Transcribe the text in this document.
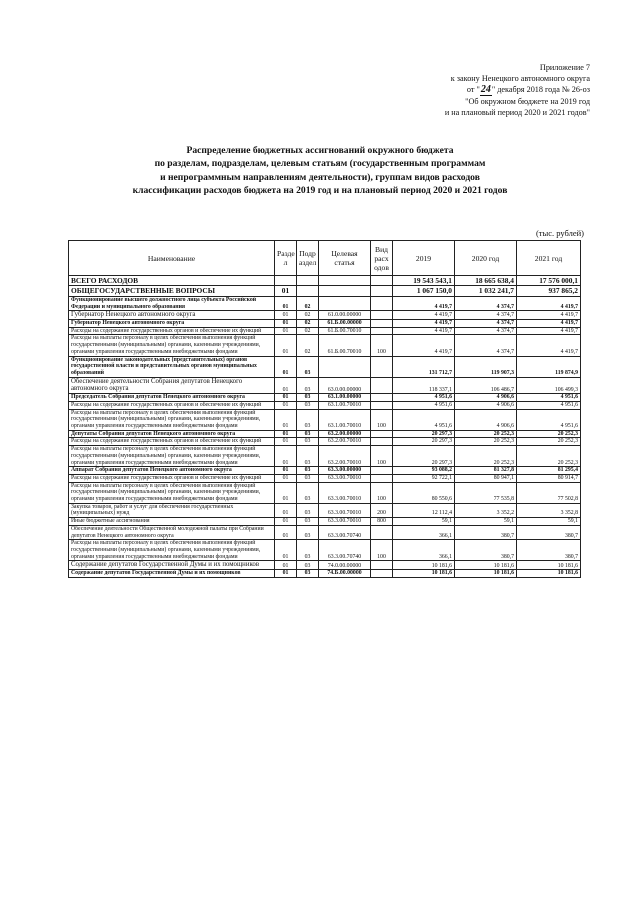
Приложение 7
к закону Ненецкого автономного округа
от "24" декабря 2018 года № 26-оз
"Об окружном бюджете на 2019 год
и на плановый период 2020 и 2021 годов"
Распределение бюджетных ассигнований окружного бюджета
по разделам, подразделам, целевым статьям (государственным программам
и непрограммным направлениям деятельности), группам видов расходов
классификации расходов бюджета на 2019 год и на плановый период 2020 и 2021 годов
(тыс. рублей)
Наименование	Разде л	Подр аздел	Целевая статья	Вид расх одов	2019	2020 год	2021 год
ВСЕГО РАСХОДОВ					19 543 543,1	18 665 638,4	17 576 000,1
ОБЩЕГОСУДАРСТВЕННЫЕ ВОПРОСЫ	01				1 067 150,0	1 032 241,7	937 865,2
Функционирование высшего должностного лица субъекта Российской Федерации и муниципального образования	01	02			4 419,7	4 374,7	4 419,7
Губернатор Ненецкого автономного округа	01	02	61.0.00.00000		4 419,7	4 374,7	4 419,7
Губернатор Ненецкого автономного округа	01	02	61.Б.00.00000		4 419,7	4 374,7	4 419,7
Расходы на содержание государственных органов и обеспечение их функций	01	02	61.Б.00.70010		4 419,7	4 374,7	4 419,7
Расходы на выплаты персоналу в целях обеспечения выполнения функций государственными (муниципальными) органами, казенными учреждениями, органами управления государственными внебюджетными фондами	01	02	61.Б.00.70010	100	4 419,7	4 374,7	4 419,7
Функционирование законодательных (представительных) органов государственной власти и представительных органов муниципальных образований	01	03			131 712,7	119 907,3	119 874,9
Обеспечение деятельности Собрания депутатов Ненецкого автономного округа	01	03	63.0.00.00000		118 337,1	106 486,7	106 499,3
Председатель Собрания депутатов Ненецкого автономного округа	01	03	63.1.00.00000		4 951,6	4 906,6	4 951,6
Расходы на содержание государственных органов и обеспечение их функций	01	03	63.1.00.70010		4 951,6	4 906,6	4 951,6
Расходы на выплаты персоналу в целях обеспечения выполнения функций государственными (муниципальными) органами, казенными учреждениями, органами управления государственными внебюджетными фондами	01	03	63.1.00.70010	100	4 951,6	4 906,6	4 951,6
Депутаты Собрания депутатов Ненецкого автономного округа	01	03	63.2.00.00000		20 297,3	20 252,3	20 252,3
Расходы на содержание государственных органов и обеспечение их функций	01	03	63.2.00.70010		20 297,3	20 252,3	20 252,3
Расходы на выплаты персоналу в целях обеспечения выполнения функций государственными (муниципальными) органами, казенными учреждениями, органами управления государственными внебюджетными фондами	01	03	63.2.00.70010	100	20 297,3	20 252,3	20 252,3
Аппарат Собрания депутатов Ненецкого автономного округа	01	03	63.3.00.00000		93 088,2	81 327,8	81 295,4
Расходы на содержание государственных органов и обеспечение их функций	01	03	63.3.00.70010		92 722,1	80 947,1	80 914,7
Расходы на выплаты персоналу в целях обеспечения выполнения функций государственными (муниципальными) органами, казенными учреждениями, органами управления государственными внебюджетными фондами	01	03	63.3.00.70010	100	80 550,6	77 535,8	77 502,8
Закупка товаров, работ и услуг для обеспечения государственных (муниципальных) нужд	01	03	63.3.00.70010	200	12 112,4	3 352,2	3 352,8
Иные бюджетные ассигнования	01	03	63.3.00.70010	800	59,1	59,1	59,1
Обеспечение деятельности Общественной молодежной палаты при Собрании депутатов Ненецкого автономного округа	01	03	63.3.00.70740		366,1	380,7	380,7
Расходы на выплаты персоналу в целях обеспечения выполнения функций государственными (муниципальными) органами, казенными учреждениями, органами управления государственными внебюджетными фондами	01	03	63.3.00.70740	100	366,1	380,7	380,7
Содержание депутатов Государственной Думы и их помощников	01	03	74.0.00.00000		10 181,6	10 181,6	10 181,6
Содержание депутатов Государственной Думы и их помощников	01	03	74.Б.00.00000		10 181,6	10 181,6	10 181,6
